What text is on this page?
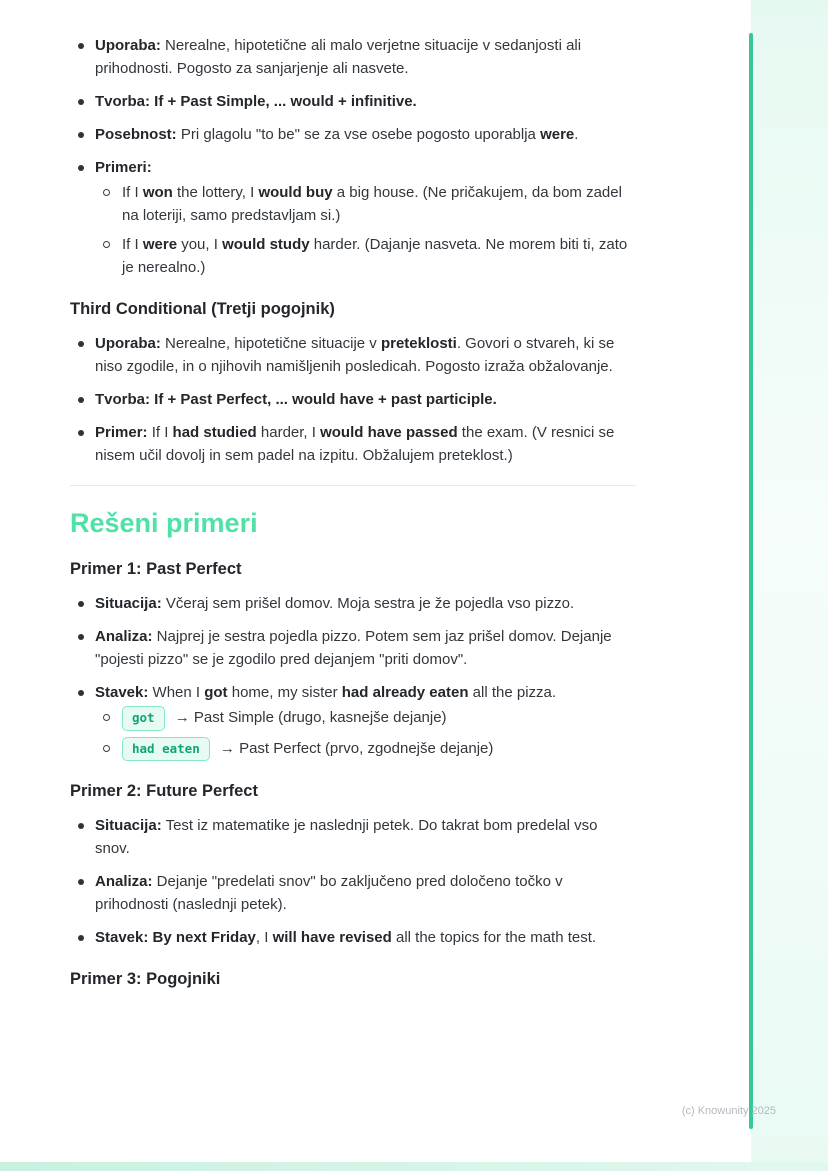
Uporaba: Nerealne, hipotetične ali malo verjetne situacije v sedanjosti ali prihodnosti. Pogosto za sanjarjenje ali nasvete.
Tvorba: If + Past Simple, ... would + infinitive.
Posebnost: Pri glagolu "to be" se za vse osebe pogosto uporablja were.
Primeri:
If I won the lottery, I would buy a big house. (Ne pričakujem, da bom zadel na loteriji, samo predstavljam si.)
If I were you, I would study harder. (Dajanje nasveta. Ne morem biti ti, zato je nerealno.)
Third Conditional (Tretji pogojnik)
Uporaba: Nerealne, hipotetične situacije v preteklosti. Govori o stvareh, ki se niso zgodile, in o njihovih namišljenih posledicah. Pogosto izraža obžalovanje.
Tvorba: If + Past Perfect, ... would have + past participle.
Primer: If I had studied harder, I would have passed the exam. (V resnici se nisem učil dovolj in sem padel na izpitu. Obžalujem preteklost.)
Rešeni primeri
Primer 1: Past Perfect
Situacija: Včeraj sem prišel domov. Moja sestra je že pojedla vso pizzo.
Analiza: Najprej je sestra pojedla pizzo. Potem sem jaz prišel domov. Dejanje "pojesti pizzo" se je zgodilo pred dejanjem "priti domov".
Stavek: When I got home, my sister had already eaten all the pizza.
got → Past Simple (drugo, kasnejše dejanje)
had eaten → Past Perfect (prvo, zgodnejše dejanje)
Primer 2: Future Perfect
Situacija: Test iz matematike je naslednji petek. Do takrat bom predelal vso snov.
Analiza: Dejanje "predelati snov" bo zaključeno pred določeno točko v prihodnosti (naslednji petek).
Stavek: By next Friday, I will have revised all the topics for the math test.
Primer 3: Pogojniki
(c) Knowunity 2025
